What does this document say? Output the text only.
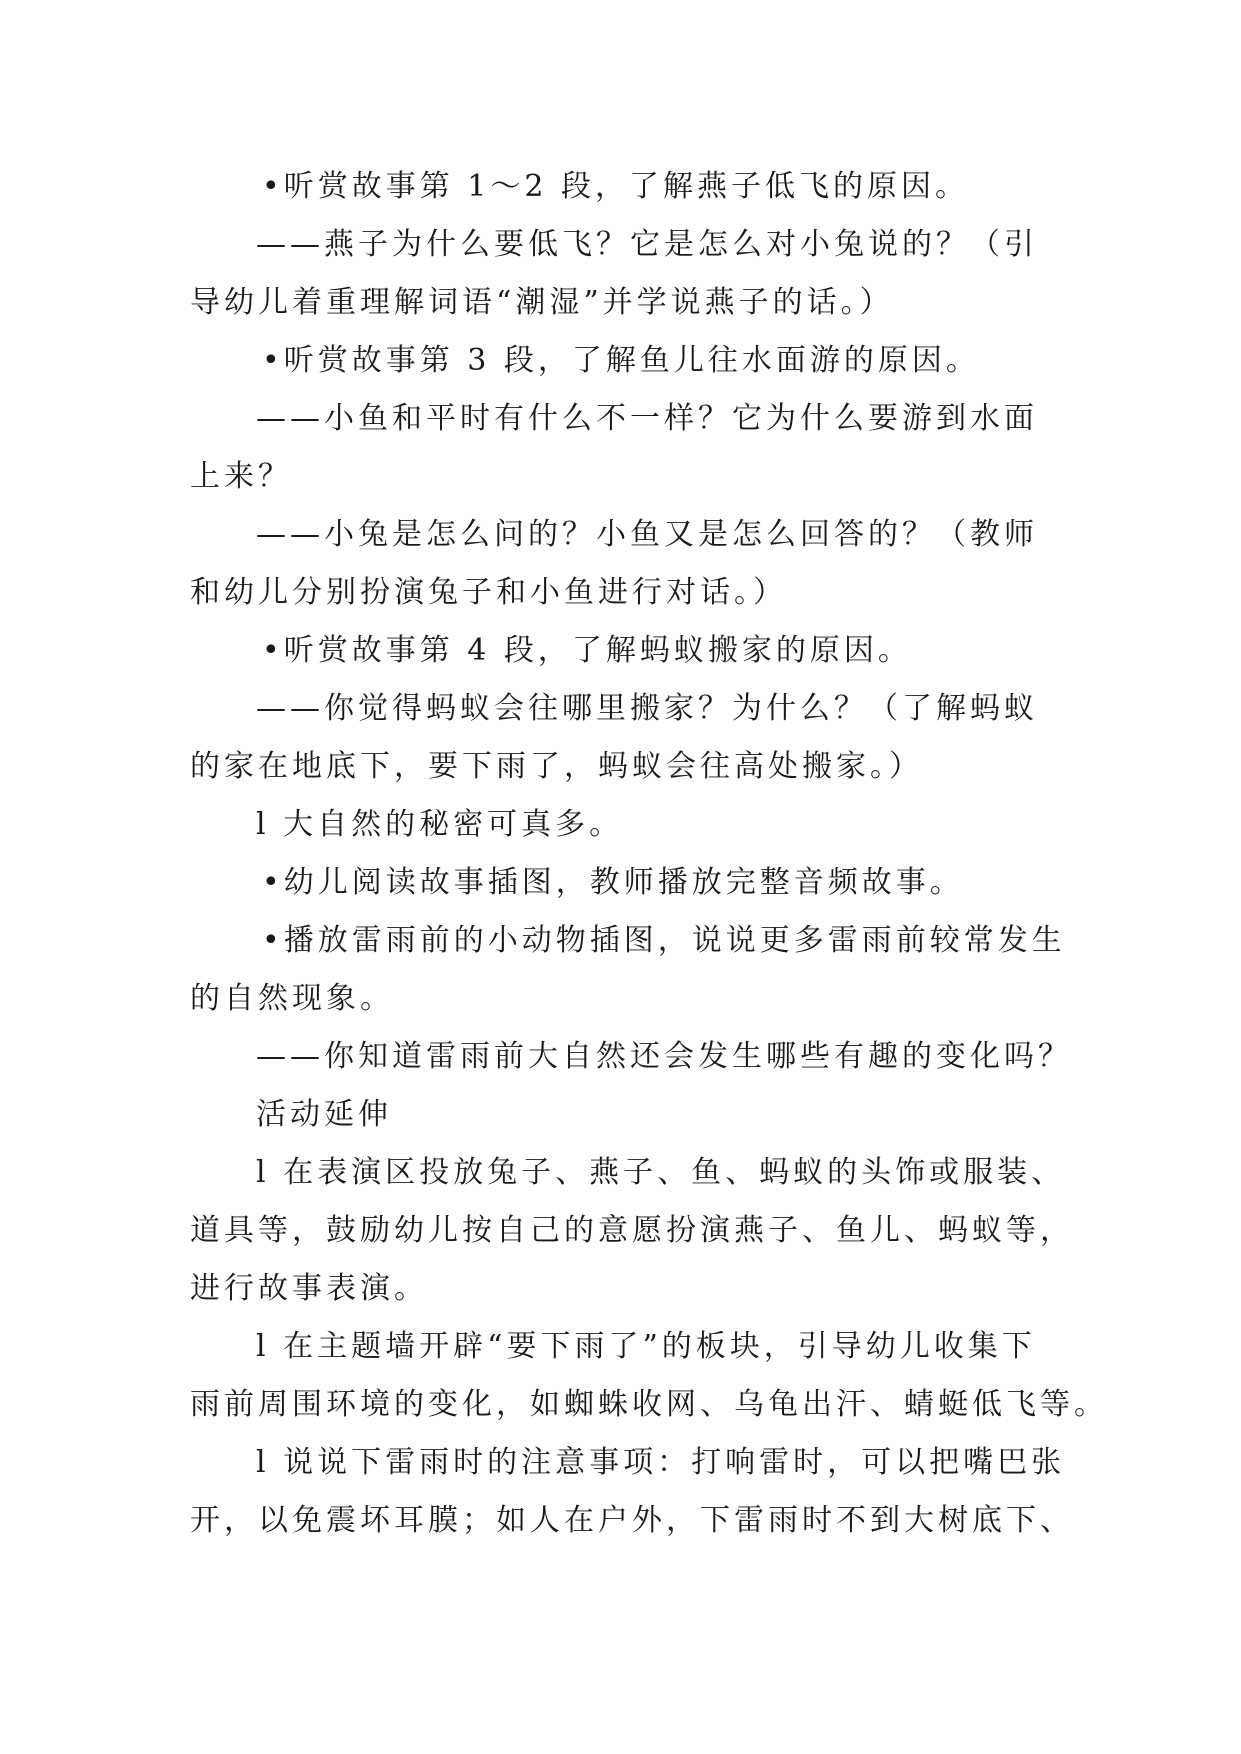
•听赏故事第 1～2 段，了解燕子低飞的原因。
——燕子为什么要低飞？它是怎么对小兔说的？（引
导幼儿着重理解词语“潮湿”并学说燕子的话。）
•听赏故事第 3 段，了解鱼儿往水面游的原因。
——小鱼和平时有什么不一样？它为什么要游到水面
上来？
——小兔是怎么问的？小鱼又是怎么回答的？（教师
和幼儿分别扮演兔子和小鱼进行对话。）
•听赏故事第 4 段，了解蚂蚁搬家的原因。
——你觉得蚂蚁会往哪里搬家？为什么？（了解蚂蚁
的家在地底下，要下雨了，蚂蚁会往高处搬家。）
l 大自然的秘密可真多。
•幼儿阅读故事插图，教师播放完整音频故事。
•播放雷雨前的小动物插图，说说更多雷雨前较常发生
的自然现象。
——你知道雷雨前大自然还会发生哪些有趣的变化吗？
活动延伸
l 在表演区投放兔子、燕子、鱼、蚂蚁的头饰或服装、
道具等，鼓励幼儿按自己的意愿扮演燕子、鱼儿、蚂蚁等，
进行故事表演。
l 在主题墙开辟“要下雨了”的板块，引导幼儿收集下
雨前周围环境的变化，如蜘蛛收网、乌龟出汗、蜻蜓低飞等。
l 说说下雷雨时的注意事项：打响雷时，可以把嘴巴张
开，以免震坏耳膜；如人在户外，下雷雨时不到大树底下、
